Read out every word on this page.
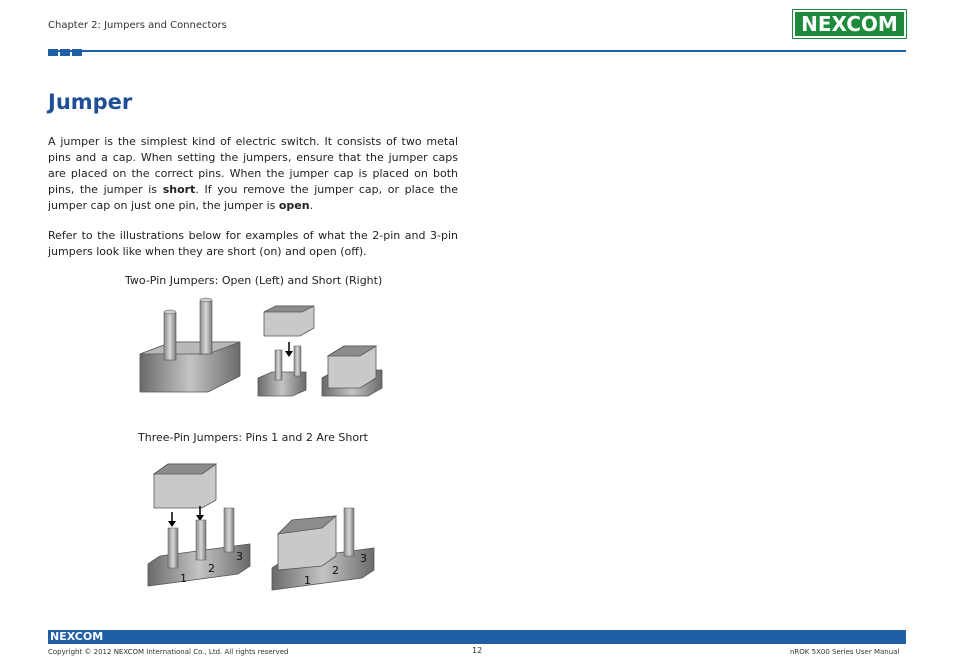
Chapter 2: Jumpers and Connectors	NEXCOM
Jumper
A jumper is the simplest kind of electric switch. It consists of two metal pins and a cap. When setting the jumpers, ensure that the jumper caps are placed on the correct pins. When the jumper cap is placed on both pins, the jumper is short. If you remove the jumper cap, or place the jumper cap on just one pin, the jumper is open.
Refer to the illustrations below for examples of what the 2-pin and 3-pin jumpers look like when they are short (on) and open (off).
Two-Pin Jumpers: Open (Left) and Short (Right)
Three-Pin Jumpers: Pins 1 and 2 Are Short
1
2
3
1
2
3
NEXCOM
Copyright © 2012 NEXCOM International Co., Ltd. All rights reserved	12	nROK 5X00 Series User Manual
